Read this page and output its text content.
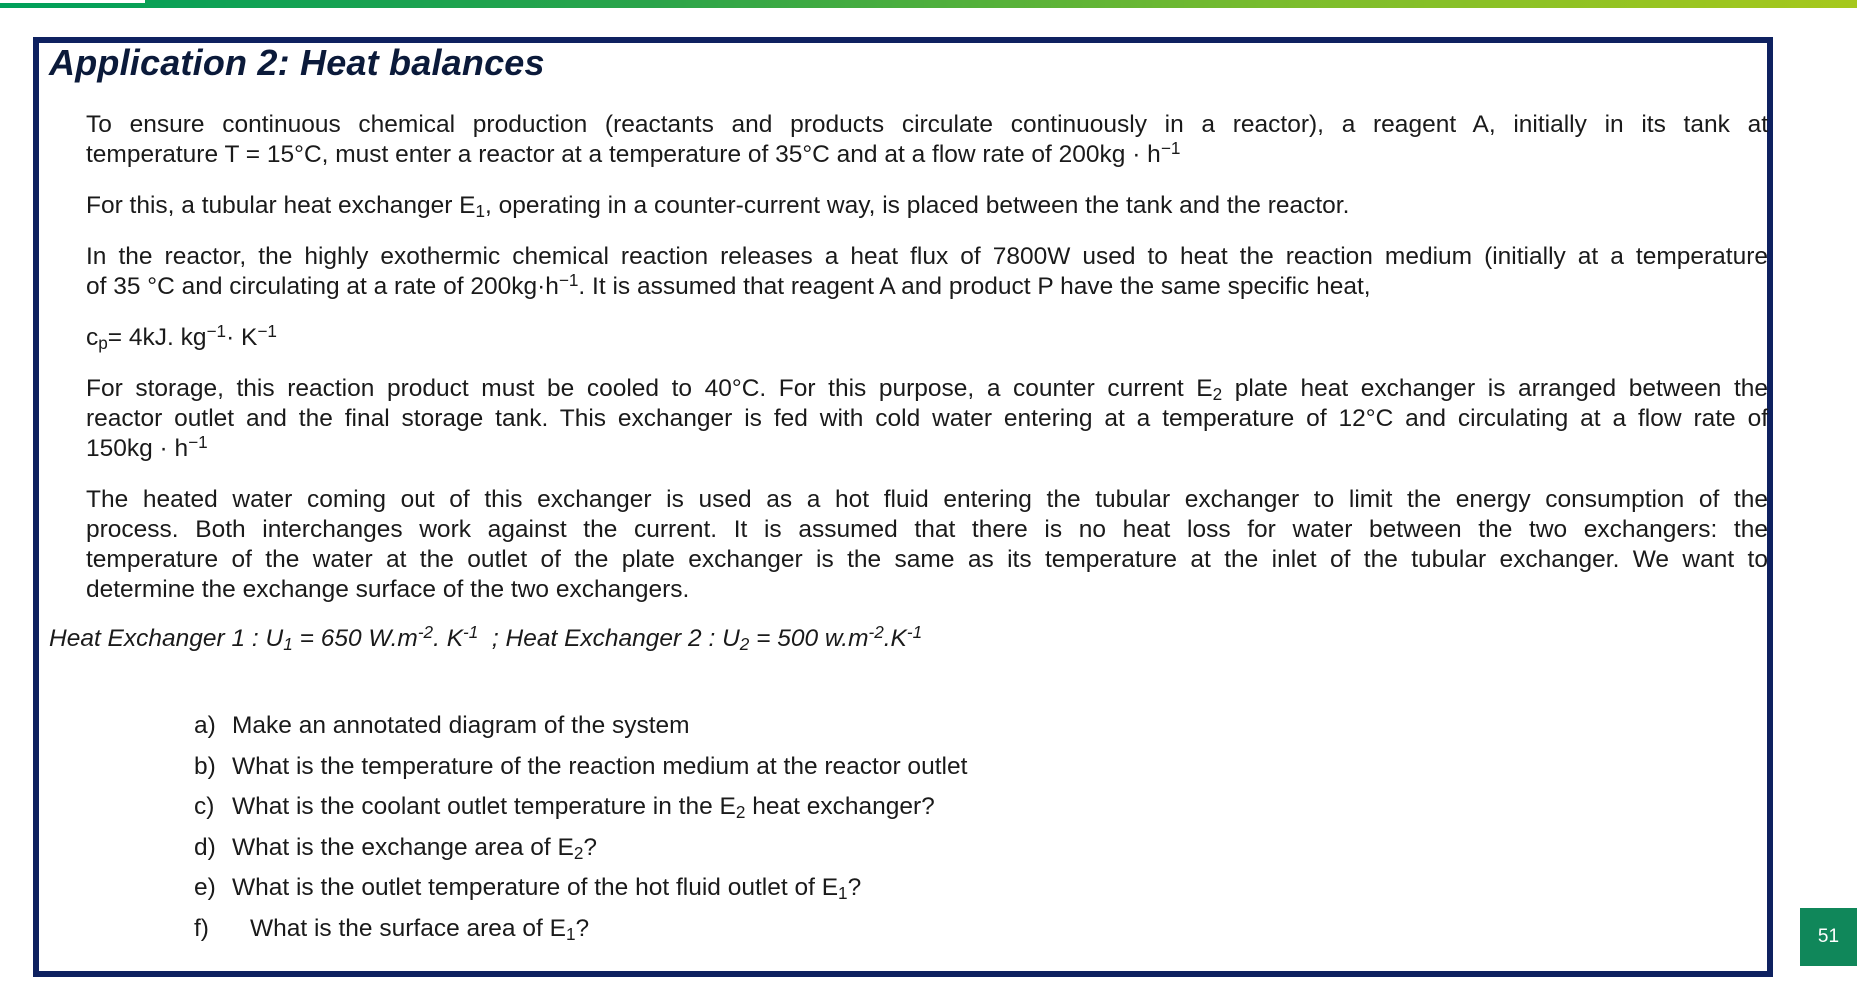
Application 2: Heat balances
To ensure continuous chemical production (reactants and products circulate continuously in a reactor), a reagent A, initially in its tank at
temperature T = 15°C, must enter a reactor at a temperature of 35°C and at a flow rate of $200kg \cdot h^{-1}$
For this, a tubular heat exchanger $E_1$, operating in a counter-current way, is placed between the tank and the reactor.
In the reactor, the highly exothermic chemical reaction releases a heat flux of 7800W used to heat the reaction medium (initially at a temperature
of 35 °C and circulating at a rate of $200kg\cdot h^{-1}$. It is assumed that reagent A and product P have the same specific heat,
$c_p= 4kJ$. $kg^{-1}\cdot K^{-1}$
For storage, this reaction product must be cooled to 40°C. For this purpose, a counter current $E_2$ plate heat exchanger is arranged between the
reactor outlet and the final storage tank. This exchanger is fed with cold water entering at a temperature of 12°C and circulating at a flow rate of
$150kg \cdot h^{-1}$
The heated water coming out of this exchanger is used as a hot fluid entering the tubular exchanger to limit the energy consumption of the
process. Both interchanges work against the current. It is assumed that there is no heat loss for water between the two exchangers: the
temperature of the water at the outlet of the plate exchanger is the same as its temperature at the inlet of the tubular exchanger. We want to
determine the exchange surface of the two exchangers.
Heat Exchanger 1 : $U_1 = 650$ $W.m^{-2}$. $K^{-1}$  ; Heat Exchanger 2 : $U_2 = 500$ $w.m^{-2}.K^{-1}$
a) Make an annotated diagram of the system
b) What is the temperature of the reaction medium at the reactor outlet
c) What is the coolant outlet temperature in the $E_2$ heat exchanger?
d) What is the exchange area of $E_2$?
e) What is the outlet temperature of the hot fluid outlet of $E_1$?
f) What is the surface area of $E_1$?	51
